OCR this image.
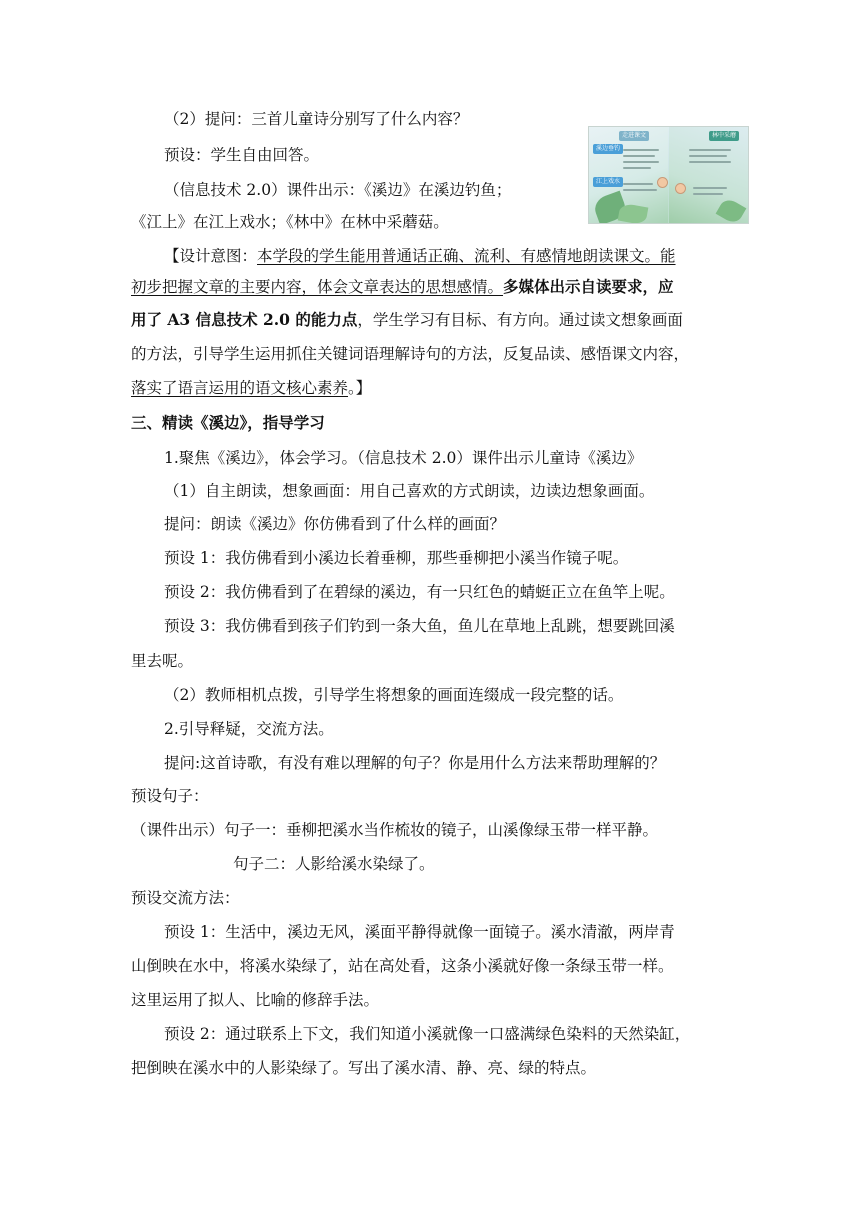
走进课文
溪边垂钓
江上戏水
林中采蘑
（2）提问：三首儿童诗分别写了什么内容？
预设：学生自由回答。
（信息技术 2.0）课件出示：《溪边》在溪边钓鱼；
《江上》在江上戏水；《林中》在林中采蘑菇。
【设计意图：本学段的学生能用普通话正确、流利、有感情地朗读课文。能
初步把握文章的主要内容，体会文章表达的思想感情。多媒体出示自读要求，应
用了 A3 信息技术 2.0 的能力点，学生学习有目标、有方向。通过读文想象画面
的方法，引导学生运用抓住关键词语理解诗句的方法，反复品读、感悟课文内容，
落实了语言运用的语文核心素养。】
三、精读《溪边》，指导学习
1.聚焦《溪边》，体会学习。（信息技术 2.0）课件出示儿童诗《溪边》
（1）自主朗读，想象画面：用自己喜欢的方式朗读，边读边想象画面。
提问：朗读《溪边》你仿佛看到了什么样的画面？
预设 1：我仿佛看到小溪边长着垂柳，那些垂柳把小溪当作镜子呢。
预设 2：我仿佛看到了在碧绿的溪边，有一只红色的蜻蜓正立在鱼竿上呢。
预设 3：我仿佛看到孩子们钓到一条大鱼，鱼儿在草地上乱跳，想要跳回溪
里去呢。
（2）教师相机点拨，引导学生将想象的画面连缀成一段完整的话。
2.引导释疑，交流方法。
提问:这首诗歌，有没有难以理解的句子？你是用什么方法来帮助理解的？
预设句子：
（课件出示）句子一：垂柳把溪水当作梳妆的镜子，山溪像绿玉带一样平静。
句子二：人影给溪水染绿了。
预设交流方法：
预设 1：生活中，溪边无风，溪面平静得就像一面镜子。溪水清澈，两岸青
山倒映在水中，将溪水染绿了，站在高处看，这条小溪就好像一条绿玉带一样。
这里运用了拟人、比喻的修辞手法。
预设 2：通过联系上下文，我们知道小溪就像一口盛满绿色染料的天然染缸，
把倒映在溪水中的人影染绿了。写出了溪水清、静、亮、绿的特点。
